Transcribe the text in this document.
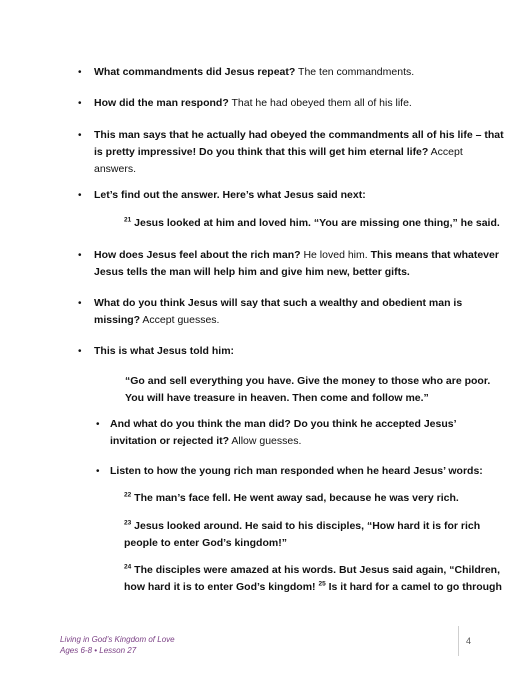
• What commandments did Jesus repeat? The ten commandments.
• How did the man respond? That he had obeyed them all of his life.
• This man says that he actually had obeyed the commandments all of his life – that
is pretty impressive! Do you think that this will get him eternal life? Accept
answers.
• Let’s find out the answer. Here’s what Jesus said next:
$^{21}$ Jesus looked at him and loved him. “You are missing one thing,” he said.
• How does Jesus feel about the rich man? He loved him. This means that whatever
Jesus tells the man will help him and give him new, better gifts.
• What do you think Jesus will say that such a wealthy and obedient man is
missing? Accept guesses.
• This is what Jesus told him:
“Go and sell everything you have. Give the money to those who are poor.
You will have treasure in heaven. Then come and follow me.”
• And what do you think the man did? Do you think he accepted Jesus’
invitation or rejected it? Allow guesses.
• Listen to how the young rich man responded when he heard Jesus’ words:
$^{22}$ The man’s face fell. He went away sad, because he was very rich.
$^{23}$ Jesus looked around. He said to his disciples, “How hard it is for rich
people to enter God’s kingdom!”
$^{24}$ The disciples were amazed at his words. But Jesus said again, “Children,
how hard it is to enter God’s kingdom! $^{25}$ Is it hard for a camel to go through
Living in God’s Kingdom of Love
Ages 6-8 • Lesson 27
4
